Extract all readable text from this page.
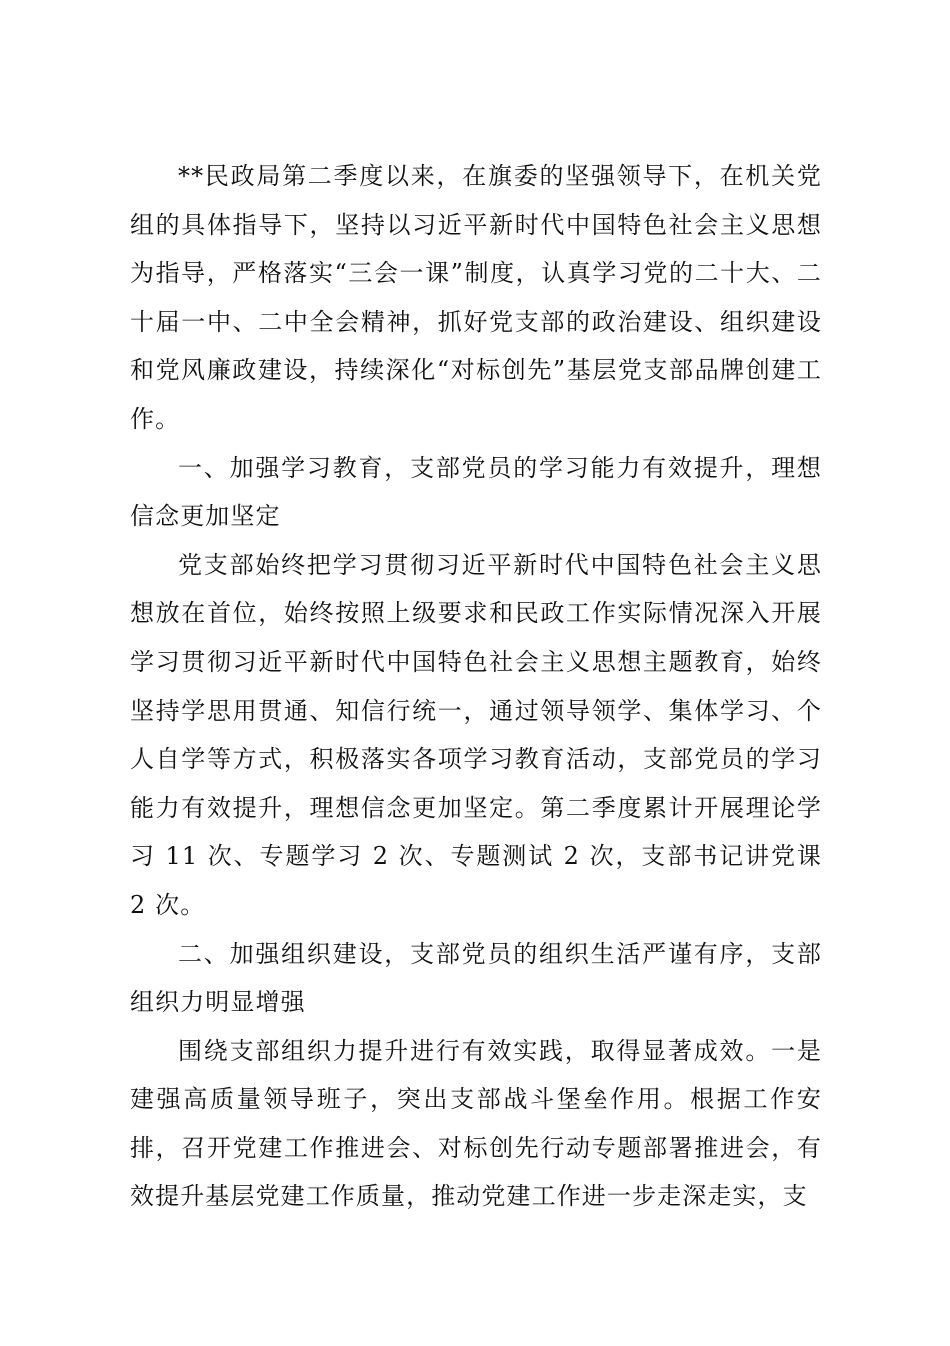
**民政局第二季度以来，在旗委的坚强领导下，在机关党组的具体指导下，坚持以习近平新时代中国特色社会主义思想为指导，严格落实“三会一课”制度，认真学习党的二十大、二十届一中、二中全会精神，抓好党支部的政治建设、组织建设和党风廉政建设，持续深化“对标创先”基层党支部品牌创建工作。

一、加强学习教育，支部党员的学习能力有效提升，理想信念更加坚定

党支部始终把学习贯彻习近平新时代中国特色社会主义思想放在首位，始终按照上级要求和民政工作实际情况深入开展学习贯彻习近平新时代中国特色社会主义思想主题教育，始终坚持学思用贯通、知信行统一，通过领导领学、集体学习、个人自学等方式，积极落实各项学习教育活动，支部党员的学习能力有效提升，理想信念更加坚定。第二季度累计开展理论学习 11 次、专题学习 2 次、专题测试 2 次，支部书记讲党课 2 次。

二、加强组织建设，支部党员的组织生活严谨有序，支部组织力明显增强

围绕支部组织力提升进行有效实践，取得显著成效。一是建强高质量领导班子，突出支部战斗堡垒作用。根据工作安排，召开党建工作推进会、对标创先行动专题部署推进会，有效提升基层党建工作质量，推动党建工作进一步走深走实，支
